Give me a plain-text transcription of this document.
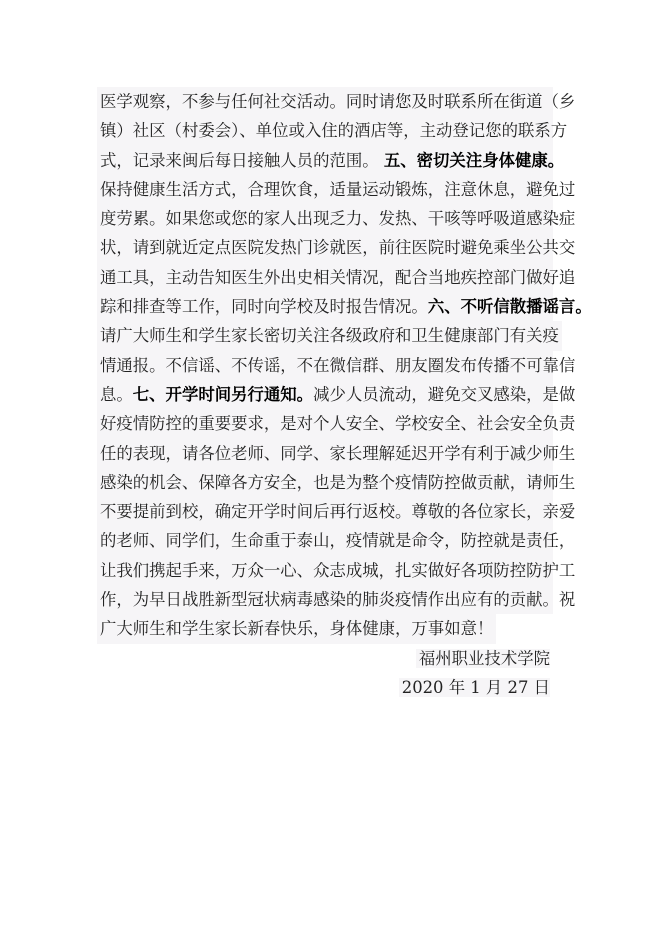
医学观察，不参与任何社交活动。同时请您及时联系所在街道（乡
镇）社区（村委会）、单位或入住的酒店等，主动登记您的联系方
式，记录来闽后每日接触人员的范围。 五、密切关注身体健康。
保持健康生活方式，合理饮食，适量运动锻炼，注意休息，避免过
度劳累。如果您或您的家人出现乏力、发热、干咳等呼吸道感染症
状，请到就近定点医院发热门诊就医，前往医院时避免乘坐公共交
通工具，主动告知医生外出史相关情况，配合当地疾控部门做好追
踪和排查等工作，同时向学校及时报告情况。六、不听信散播谣言。
请广大师生和学生家长密切关注各级政府和卫生健康部门有关疫
情通报。不信谣、不传谣，不在微信群、朋友圈发布传播不可靠信
息。七、开学时间另行通知。减少人员流动，避免交叉感染，是做
好疫情防控的重要要求，是对个人安全、学校安全、社会安全负责
任的表现，请各位老师、同学、家长理解延迟开学有利于减少师生
感染的机会、保障各方安全，也是为整个疫情防控做贡献，请师生
不要提前到校，确定开学时间后再行返校。尊敬的各位家长，亲爱
的老师、同学们，生命重于泰山，疫情就是命令，防控就是责任，
让我们携起手来，万众一心、众志成城，扎实做好各项防控防护工
作，为早日战胜新型冠状病毒感染的肺炎疫情作出应有的贡献。祝
广大师生和学生家长新春快乐，身体健康，万事如意！
福州职业技术学院
2020 年 1 月 27 日
